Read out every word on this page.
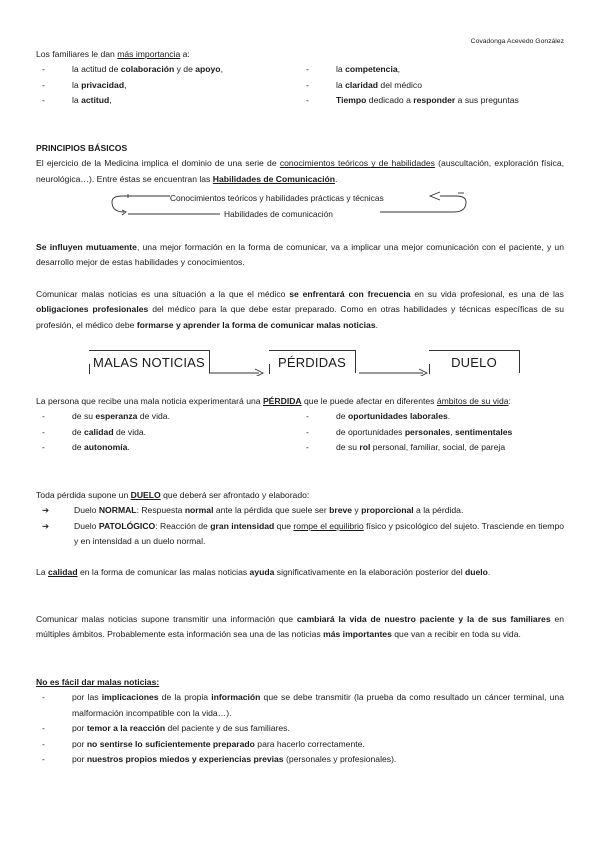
Covadonga Acevedo González

Los familiares le dan más importancia a:

- la actitud de colaboración y de apoyo,
- la privacidad,
- la actitud,
- la competencia,
- la claridad del médico
- Tiempo dedicado a responder a sus preguntas
PRINCIPIOS BÁSICOS

El ejercicio de la Medicina implica el dominio de una serie de conocimientos teóricos y de habilidades (auscultación, exploración física, neurológica…). Entre éstas se encuentran las Habilidades de Comunicación.

Conocimientos teóricos y habilidades prácticas y técnicas
Habilidades de comunicación

Se influyen mutuamente, una mejor formación en la forma de comunicar, va a implicar una mejor comunicación con el paciente, y un desarrollo mejor de estas habilidades y conocimientos.

Comunicar malas noticias es una situación a la que el médico se enfrentará con frecuencia en su vida profesional, es una de las obligaciones profesionales del médico para la que debe estar preparado. Como en otras habilidades y técnicas específicas de su profesión, el médico debe formarse y aprender la forma de comunicar malas noticias.

MALAS NOTICIAS	PÉRDIDAS	DUELO

La persona que recibe una mala noticia experimentará una PÉRDIDA que le puede afectar en diferentes ámbitos de su vida:

- de su esperanza de vida.
- de calidad de vida.
- de autonomía.
- de oportunidades laborales.
- de oportunidades personales, sentimentales
- de su rol personal, familiar, social, de pareja

Toda pérdida supone un DUELO que deberá ser afrontado y elaborado:

➔	Duelo NORMAL: Respuesta normal ante la pérdida que suele ser breve y proporcional a la pérdida.
➔	Duelo PATOLÓGICO: Reacción de gran intensidad que rompe el equilibrio físico y psicológico del sujeto. Trasciende en tiempo y en intensidad a un duelo normal.

La calidad en la forma de comunicar las malas noticias ayuda significativamente en la elaboración posterior del duelo.

Comunicar malas noticias supone transmitir una información que cambiará la vida de nuestro paciente y la de sus familiares en múltiples ámbitos. Probablemente esta información sea una de las noticias más importantes que van a recibir en toda su vida.

No es fácil dar malas noticias:
- por las implicaciones de la propia información que se debe transmitir (la prueba da como resultado un cáncer terminal, una malformación incompatible con la vida…).
- por temor a la reacción del paciente y de sus familiares.
- por no sentirse lo suficientemente preparado para hacerlo correctamente.
- por nuestros propios miedos y experiencias previas (personales y profesionales).
